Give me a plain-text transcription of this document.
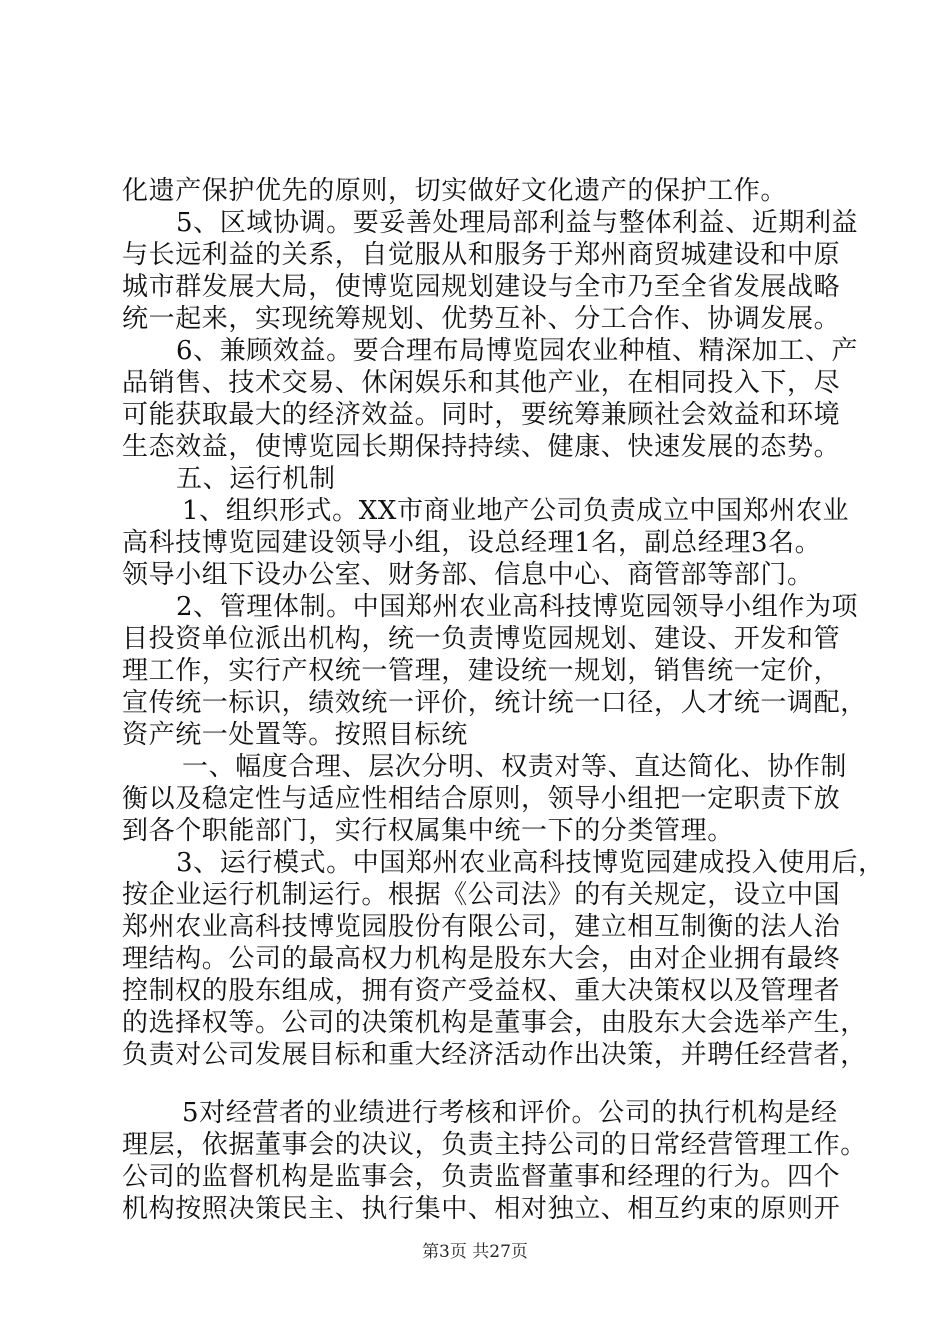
化遗产保护优先的原则，切实做好文化遗产的保护工作。
5、区域协调。要妥善处理局部利益与整体利益、近期利益
与长远利益的关系，自觉服从和服务于郑州商贸城建设和中原
城市群发展大局，使博览园规划建设与全市乃至全省发展战略
统一起来，实现统筹规划、优势互补、分工合作、协调发展。
6、兼顾效益。要合理布局博览园农业种植、精深加工、产
品销售、技术交易、休闲娱乐和其他产业，在相同投入下，尽
可能获取最大的经济效益。同时，要统筹兼顾社会效益和环境
生态效益，使博览园长期保持持续、健康、快速发展的态势。
五、运行机制
1、组织形式。XX市商业地产公司负责成立中国郑州农业
高科技博览园建设领导小组，设总经理1名，副总经理3名。
领导小组下设办公室、财务部、信息中心、商管部等部门。
2、管理体制。中国郑州农业高科技博览园领导小组作为项
目投资单位派出机构，统一负责博览园规划、建设、开发和管
理工作，实行产权统一管理，建设统一规划，销售统一定价，
宣传统一标识，绩效统一评价，统计统一口径，人才统一调配，
资产统一处置等。按照目标统
一、幅度合理、层次分明、权责对等、直达简化、协作制
衡以及稳定性与适应性相结合原则，领导小组把一定职责下放
到各个职能部门，实行权属集中统一下的分类管理。
3、运行模式。中国郑州农业高科技博览园建成投入使用后，
按企业运行机制运行。根据《公司法》的有关规定，设立中国
郑州农业高科技博览园股份有限公司，建立相互制衡的法人治
理结构。公司的最高权力机构是股东大会，由对企业拥有最终
控制权的股东组成，拥有资产受益权、重大决策权以及管理者
的选择权等。公司的决策机构是董事会，由股东大会选举产生，
负责对公司发展目标和重大经济活动作出决策，并聘任经营者，
5对经营者的业绩进行考核和评价。公司的执行机构是经
理层，依据董事会的决议，负责主持公司的日常经营管理工作。
公司的监督机构是监事会，负责监督董事和经理的行为。四个
机构按照决策民主、执行集中、相对独立、相互约束的原则开
第3页 共27页
